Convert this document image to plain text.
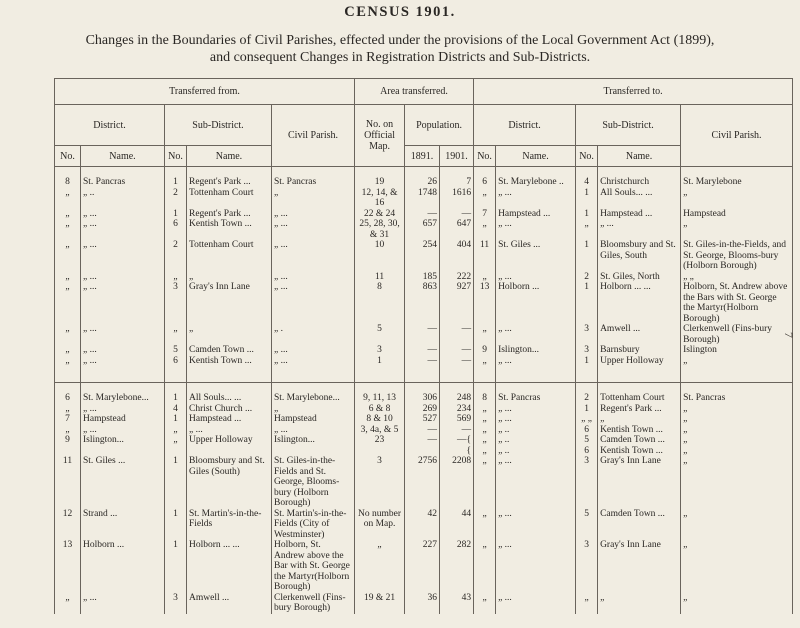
CENSUS 1901.
Changes in the Boundaries of Civil Parishes, effected under the provisions of the Local Government Act (1899),
and consequent Changes in Registration Districts and Sub-Districts.
Transferred from.					Area transferred.			Transferred to.				
District.		Sub-District.		Civil Parish.	No. on Official Map.	Population.		District.		Sub-District.		Civil Parish.
No.	Name.	No.	Name.			1891.	1901.	No.	Name.	No.	Name.	

8	St. Pancras	1	Regent's Park ...	St. Pancras	19	26	7	6	St. Marylebone ..	4	Christchurch	St. Marylebone
„	„ ..	2	Tottenham Court	„	12, 14, & 16	1748	1616	„	„ ...	1	All Souls... ...	„
„	„ ...	1	Regent's Park ...	„ ...	22 & 24	—	—	7	Hampstead ...	1	Hampstead ...	Hampstead
„	„ ...	6	Kentish Town ...	„ ...	25, 28, 30, & 31	657	647	„	„ ...	„	„ ...	„
„	„ ...	2	Tottenham Court	„ ...	10	254	404	11	St. Giles ...	1	Bloomsbury and St. Giles, South	St. Giles-in-the-Fields, and St. George, Blooms-bury (Holborn Borough)
„	„ ...	„	„	„ ...	11	185	222	„	„ ...	2	St. Giles, North	„ „
„	„ ...	3	Gray's Inn Lane	„ ...	8	863	927	13	Holborn ...	1	Holborn ... ...	Holborn, St. Andrew above the Bars with St. George the Martyr(Holborn Borough)
„	„ ...	„	„	„ .	5	—	—	„	„ ...	3	Amwell ...	Clerkenwell (Fins-bury Borough)
„	„ ...	5	Camden Town ...	„ ...	3	—	—	9	Islington...	3	Barnsbury	Islington
„	„ ...	6	Kentish Town ...	„ ...	1	—	—	„	„ ...	1	Upper Holloway	„

6	St. Marylebone...	1	All Souls... ...	St. Marylebone...	9, 11, 13	306	248	8	St. Pancras	2	Tottenham Court	St. Pancras
„	„ ...	4	Christ Church ...	„	6 & 8	269	234	„	„ ...	1	Regent's Park ...	„
7	Hampstead	1	Hampstead ...	Hampstead	8 & 10	527	569	„	„ ...	„ „	„	„
„	„ ...	„	„ ...	„ ...	3, 4a, & 5	—	—	„	„ ..	6	Kentish Town ...	„
9	Islington...	„	Upper Holloway	Islington...	23	—	—{	„	„ ..	5	Camden Town ...	„
							{	„	„ ..	6	Kentish Town ...	„
11	St. Giles ...	1	Bloomsbury and St. Giles (South)	St. Giles-in-the-Fields and St. George, Blooms-bury (Holborn Borough)	3	2756	2208	„	„ ...	3	Gray's Inn Lane	„
12	Strand ...	1	St. Martin's-in-the-Fields	St. Martin's-in-the-Fields (City of Westminster)	No number on Map.	42	44	„	„ ...	5	Camden Town ...	„
13	Holborn ...	1	Holborn ... ...	Holborn, St. Andrew above the Bar with St. George the Martyr(Holborn Borough)	„	227	282	„	„ ...	3	Gray's Inn Lane	„
„	„ ...	3	Amwell ...	Clerkenwell (Fins-bury Borough)	19 & 21	36	43	„	„ ...	„	„	„
7
